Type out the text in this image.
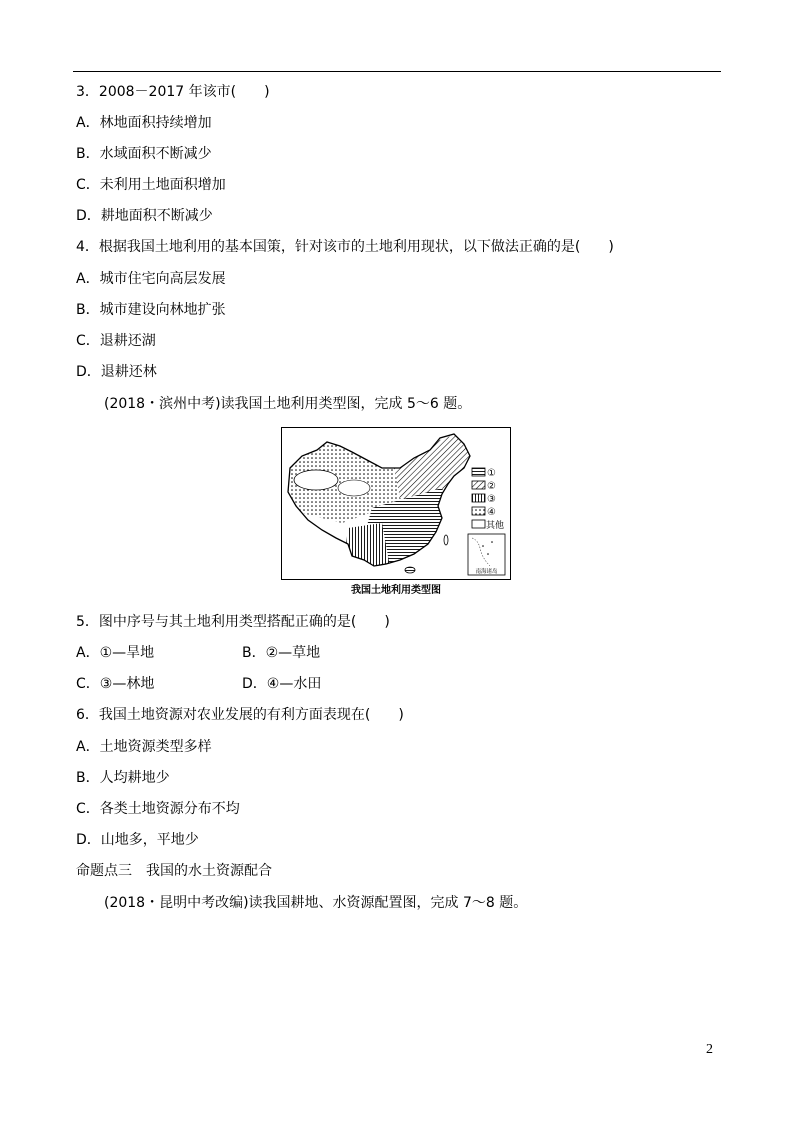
3．2008－2017 年该市(　　)
A．林地面积持续增加
B．水域面积不断减少
C．未利用土地面积增加
D．耕地面积不断减少
4．根据我国土地利用的基本国策，针对该市的土地利用现状，以下做法正确的是(　　)
A．城市住宅向高层发展
B．城市建设向林地扩张
C．退耕还湖
D．退耕还林
(2018・滨州中考)读我国土地利用类型图，完成 5～6 题。
①
②
③
④
其他
南海诸岛
我国土地利用类型图
5．图中序号与其土地利用类型搭配正确的是(　　)
A．①—旱地	B．②—草地
C．③—林地	D．④—水田
6．我国土地资源对农业发展的有利方面表现在(　　)
A．土地资源类型多样
B．人均耕地少
C．各类土地资源分布不均
D．山地多，平地少
命题点三　我国的水土资源配合
(2018・昆明中考改编)读我国耕地、水资源配置图，完成 7～8 题。
2
